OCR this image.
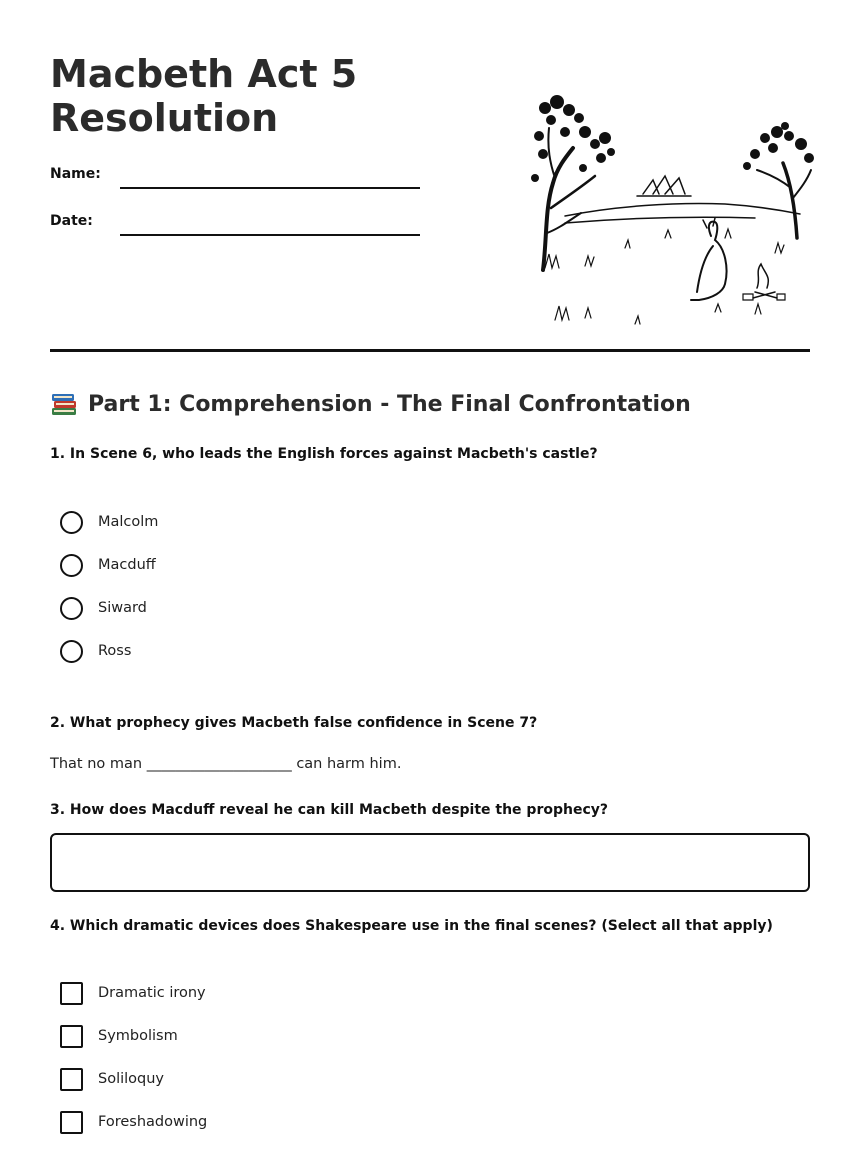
Macbeth Act 5
Resolution
Name:
Date:
Part 1: Comprehension - The Final Confrontation
1. In Scene 6, who leads the English forces against Macbeth's castle?
Malcolm
Macduff
Siward
Ross
2. What prophecy gives Macbeth false confidence in Scene 7?
That no man ____________________ can harm him.
3. How does Macduff reveal he can kill Macbeth despite the prophecy?
4. Which dramatic devices does Shakespeare use in the final scenes? (Select all that apply)
Dramatic irony
Symbolism
Soliloquy
Foreshadowing
